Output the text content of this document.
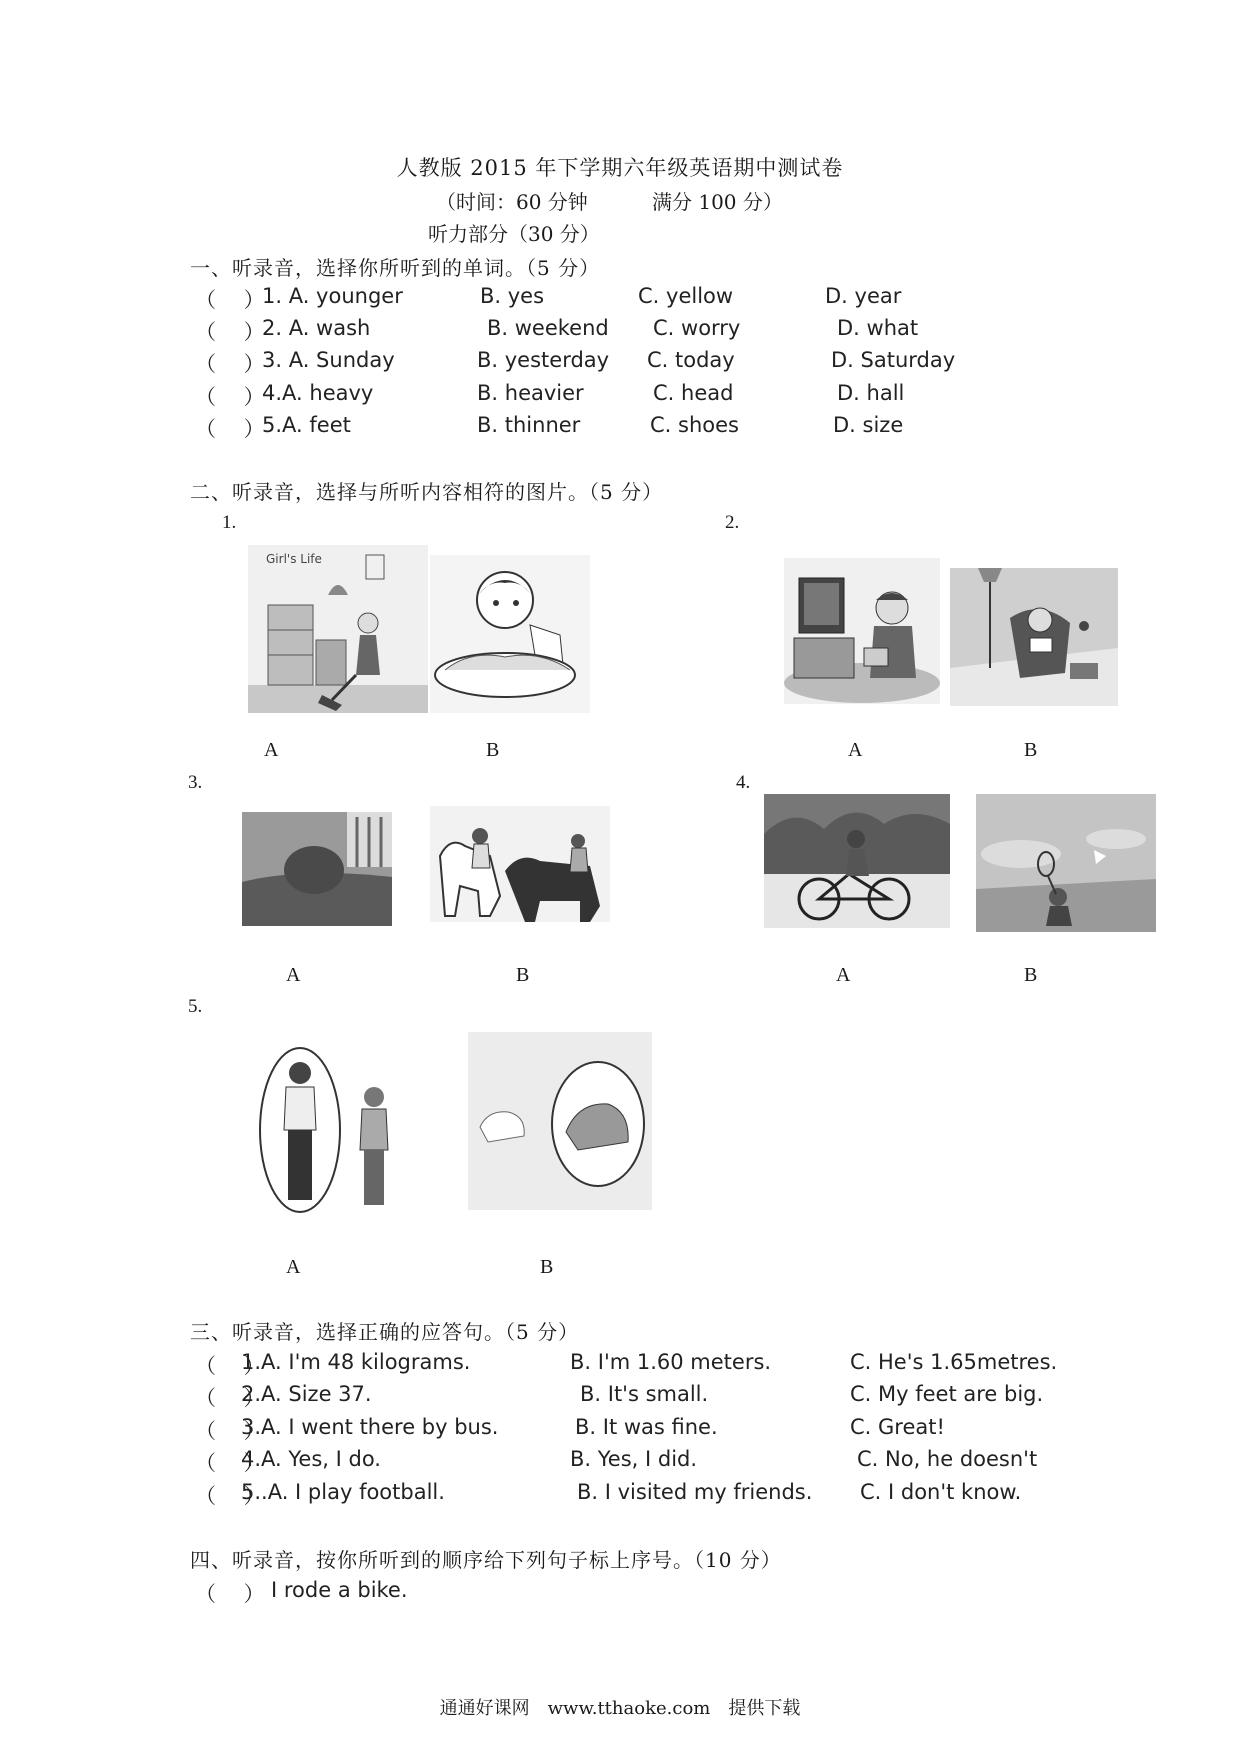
人教版 2015 年下学期六年级英语期中测试卷
（时间：60 分钟	满分 100 分）
听力部分（30 分）
一、听录音，选择你所听到的单词。（5 分）
（　 ）
1. A. younger	B. yes	C. yellow	D. year
（　 ）
2. A. wash	B. weekend C. worry	D. what
（　 ）
3. A. Sunday	B. yesterday C. today	D. Saturday
（　 ）
4.A. heavy	B. heavier	C. head	D. hall
（　 ）
5.A. feet	B. thinner	C. shoes	D. size
二、听录音，选择与所听内容相符的图片。（5 分）
1.	2.
Girl's Life
A	B	A	B
3.	4.
A	B	A	B
5.
A	B
三、听录音，选择正确的应答句。（5 分）
（　 ）
1.A. I'm 48 kilograms.	B. I'm 1.60 meters.	C. He's 1.65metres.
（　 ）
2.A. Size 37.	B. It's small.	C. My feet are big.
（　 ）
3.A. I went there by bus.	B. It was fine.	C. Great!
（　 ）
4.A. Yes, I do.	B. Yes, I did.	C. No, he doesn't
（　 ）
5..A. I play football.	B. I visited my friends. C. I don't know.
四、听录音，按你所听到的顺序给下列句子标上序号。（10 分）
（　 ） I rode a bike.
通通好课网　www.tthaoke.com　提供下载
